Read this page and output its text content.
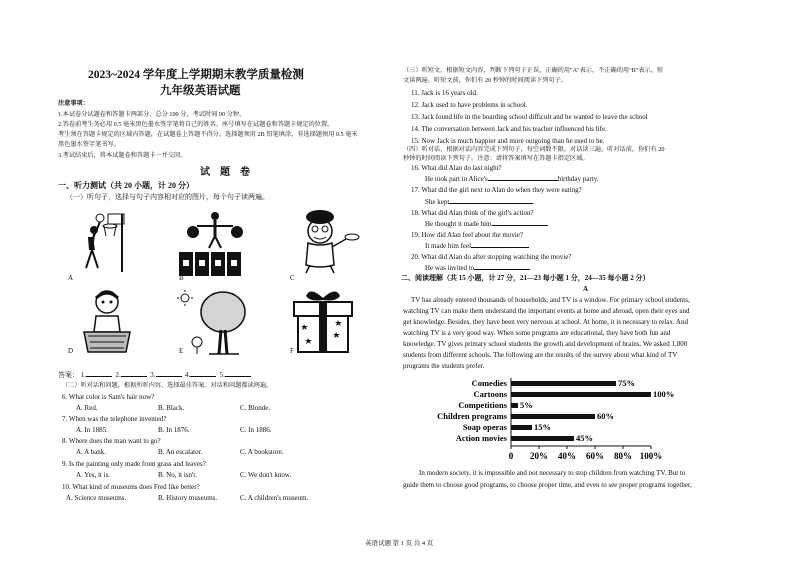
2023~2024 学年度上学期期末教学质量检测
九年级英语试题
注意事项：
1.本试卷分试题卷和答题卡两部分，总分 100 分，考试时间 90 分钟。
2.答卷前考生务必用 0.5 毫米黑色墨水签字笔将自己的姓名、座号填写在试题卷和答题卡规定的位置。
考生须在答题卡规定的区域内答题，在试题卷上答题不得分。选择题须用 2B 铅笔填涂，非选择题须用 0.5 毫米
黑色墨水签字笔书写。
3.考试结束后，将本试题卷和答题卡一并交回。
试　题　卷
一、听力测试（共 20 小题，计 20 分）
（一）听句子，选择与句子内容相对应的图片，每个句子读两遍。
A	B	C
D	E	F
答案： 1.	2.	3.	4.	5.
（二）听对话和问题，根据所听内容，选择最佳答案。对话和问题都读两遍。
6. What color is Sam's hair now?
A. Red.	B. Black.	C. Blonde.
7. When was the telephone invented?
A. In 1885.	B. In 1876.	C. In 1886.
8. Where does the man want to go?
A. A bank.	B. An escalator.	C. A bookstore.
9. Is the painting only made from grass and leaves?
A. Yes, it is.	B. No, it isn't.	C. We don't know.
10. What kind of museums does Fred like better?
A. Science museums.	B. History museums.	C. A children's museum.
（三）听短文，根据短文内容，判断下列句子正误，正确的用"A"表示，不正确的用"B"表示。短
文读两遍。听短文前，你们有 20 秒钟的时间阅读下列句子。
11. Jack is 16 years old.
12. Jack used to have problems in school.
13. Jack found life in the boarding school difficult and he wanted to leave the school
14. The conversation between Jack and his teacher influenced his life.
15. Now Jack is much happier and more outgoing than he used to be.
（四）听对话，根据对话内容完成下列句子，每空词数不限。对话读三遍。听对话前，你们有 20
秒钟的时间阅读下列句子。注意：请将答案填写在答题卡指定区域。
16. What did Alan do last night?
He took part in Alice's	birthday party.
17. What did the girl next to Alan do when they were eating?
She kept
18. What did Alan think of the girl's action?
He thought it made him
19. How did Alan feel about the movie?
It made him feel
20. What did Alan do after stopping watching the movie?
He was invited to
二、阅读理解（共 15 小题，计 27 分，21—23 每小题 1 分，24—35 每小题 2 分）
A
TV has already entered thousands of households, and TV is a window. For primary school students,
watching TV can make them understand the important events at home and abroad, open their eyes and
get knowledge. Besides, they have been very nervous at school. At home, it is necessary to relax. And
watching TV is a very good way. When some programs are educational, they have both fun and
knowledge. TV gives primary school students the growth and development of brains. We asked 1,000
students from different schools. The following are the results of the survey about what kind of TV
programs the students prefer.
Comedies	75%
Cartoons	100%
Competitions 5%
Children programs	60%
Soap operas	15%
Action movies	45%
0 20% 40% 60% 80% 100%
In modern society, it is impossible and not necessary to stop children from watching TV. But to
guide them to choose good programs, to choose proper time, and even to see proper programs together,
英语试题 第 1 页 共 4 页
